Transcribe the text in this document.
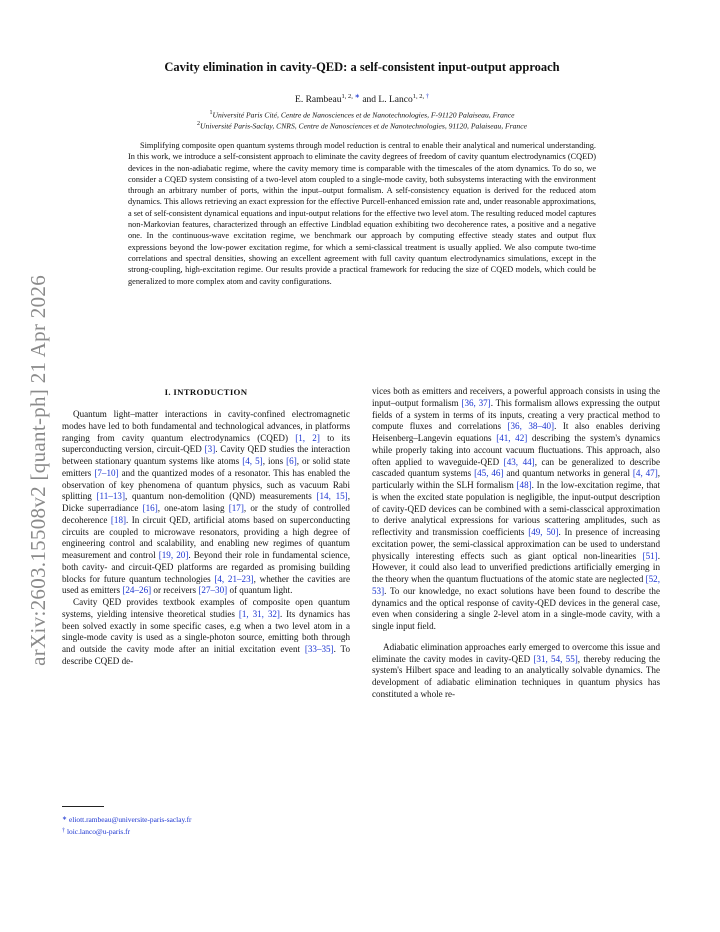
arXiv:2603.15508v2 [quant-ph] 21 Apr 2026
Cavity elimination in cavity-QED: a self-consistent input-output approach
E. Rambeau$^{1, 2, ∗}$ and L. Lanco$^{1, 2, \dagger}$
$^1$Université Paris Cité, Centre de Nanosciences et de Nanotechnologies, F-91120 Palaiseau, France
$^2$Université Paris-Saclay, CNRS, Centre de Nanosciences et de Nanotechnologies, 91120, Palaiseau, France

Simplifying composite open quantum systems through model reduction is central to enable their analytical and numerical understanding. In this work, we introduce a self-consistent approach to eliminate the cavity degrees of freedom of cavity quantum electrodynamics (CQED) devices in the non-adiabatic regime, where the cavity memory time is comparable with the timescales of the atom dynamics. To do so, we consider a CQED system consisting of a two-level atom coupled to a single-mode cavity, both subsystems interacting with the environment through an arbitrary number of ports, within the input–output formalism. A self-consistency equation is derived for the reduced atom dynamics. This allows retrieving an exact expression for the effective Purcell-enhanced emission rate and, under reasonable approximations, a set of self-consistent dynamical equations and input-output relations for the effective two level atom. The resulting reduced model captures non-Markovian features, characterized through an effective Lindblad equation exhibiting two decoherence rates, a positive and a negative one. In the continuous-wave excitation regime, we benchmark our approach by computing effective steady states and output flux expressions beyond the low-power excitation regime, for which a semi-classical treatment is usually applied. We also compute two-time correlations and spectral densities, showing an excellent agreement with full cavity quantum electrodynamics simulations, except in the strong-coupling, high-excitation regime. Our results provide a practical framework for reducing the size of CQED models, which could be generalized to more complex atom and cavity configurations.

I. INTRODUCTION

Quantum light–matter interactions in cavity-confined electromagnetic modes have led to both fundamental and technological advances, in platforms ranging from cavity quantum electrodynamics (CQED) [1, 2] to its superconducting version, circuit-QED [3]. Cavity QED studies the interaction between stationary quantum systems like atoms [4, 5], ions [6], or solid state emitters [7–10] and the quantized modes of a resonator. This has enabled the observation of key phenomena of quantum physics, such as vacuum Rabi splitting [11–13], quantum non-demolition (QND) measurements [14, 15], Dicke superradiance [16], one-atom lasing [17], or the study of controlled decoherence [18]. In circuit QED, artificial atoms based on superconducting circuits are coupled to microwave resonators, providing a high degree of engineering control and scalability, and enabling new regimes of quantum measurement and control [19, 20]. Beyond their role in fundamental science, both cavity- and circuit-QED platforms are regarded as promising building blocks for future quantum technologies [4, 21–23], whether the cavities are used as emitters [24–26] or receivers [27–30] of quantum light.

Cavity QED provides textbook examples of composite open quantum systems, yielding intensive theoretical studies [1, 31, 32]. Its dynamics has been solved exactly in some specific cases, e.g when a two level atom in a single-mode cavity is used as a single-photon source, emitting both through and outside the cavity mode after an initial excitation event [33–35]. To describe CQED de-

vices both as emitters and receivers, a powerful approach consists in using the input–output formalism [36, 37]. This formalism allows expressing the output fields of a system in terms of its inputs, creating a very practical method to compute fluxes and correlations [36, 38–40]. It also enables deriving Heisenberg–Langevin equations [41, 42] describing the system's dynamics while properly taking into account vacuum fluctuations. This approach, also often applied to waveguide-QED [43, 44], can be generalized to describe cascaded quantum systems [45, 46] and quantum networks in general [4, 47], particularly within the SLH formalism [48]. In the low-excitation regime, that is when the excited state population is negligible, the input-output description of cavity-QED devices can be combined with a semi-classcical approximation to derive analytical expressions for various scattering amplitudes, such as reflectivity and transmission coefficients [49, 50]. In presence of increasing excitation power, the semi-classical approximation can be used to understand physically interesting effects such as giant optical non-linearities [51]. However, it could also lead to unverified predictions artificially emerging in the theory when the quantum fluctuations of the atomic state are neglected [52, 53]. To our knowledge, no exact solutions have been found to describe the dynamics and the optical response of cavity-QED devices in the general case, even when considering a single 2-level atom in a single-mode cavity, with a single input field.

Adiabatic elimination approaches early emerged to overcome this issue and eliminate the cavity modes in cavity-QED [31, 54, 55], thereby reducing the system's Hilbert space and leading to an analytically solvable dynamics. The development of adiabatic elimination techniques in quantum physics has constituted a whole re-

∗ eliott.rambeau@universite-paris-saclay.fr
† loic.lanco@u-paris.fr
